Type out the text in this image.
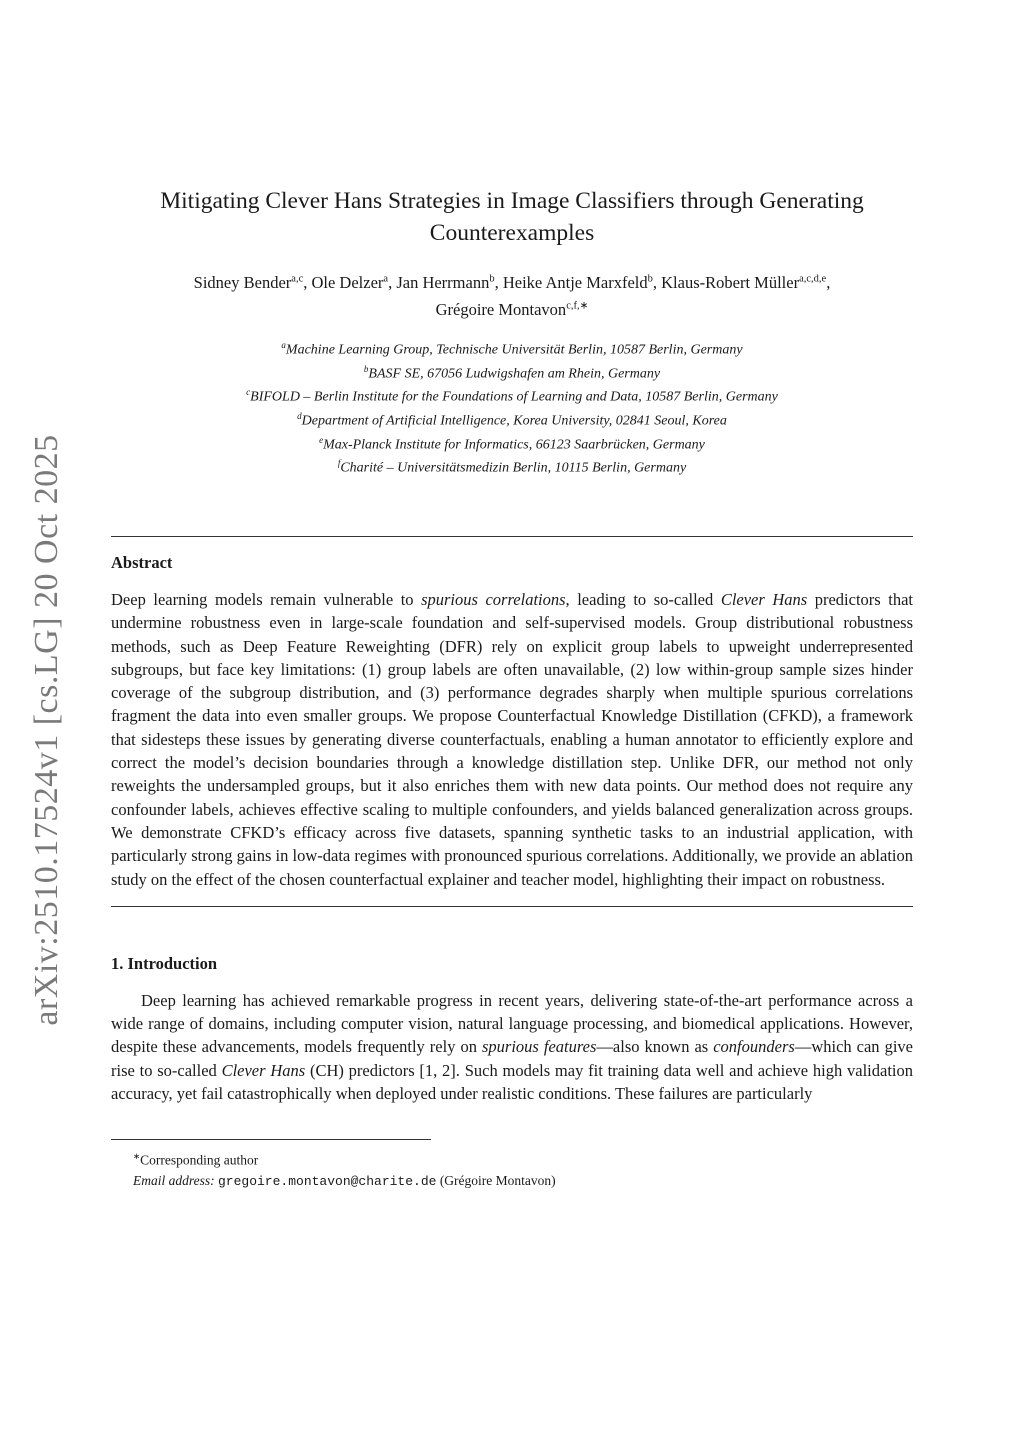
arXiv:2510.17524v1 [cs.LG] 20 Oct 2025
Mitigating Clever Hans Strategies in Image Classifiers through Generating
Counterexamples
Sidney Bender$^{a,c}$, Ole Delzer$^a$, Jan Herrmann$^b$, Heike Antje Marxfeld$^b$, Klaus-Robert Müller$^{a,c,d,e}$,
Grégoire Montavon$^{c,f,∗}$
$^a$Machine Learning Group, Technische Universität Berlin, 10587 Berlin, Germany
$^b$BASF SE, 67056 Ludwigshafen am Rhein, Germany
$^c$BIFOLD – Berlin Institute for the Foundations of Learning and Data, 10587 Berlin, Germany
$^d$Department of Artificial Intelligence, Korea University, 02841 Seoul, Korea
$^e$Max-Planck Institute for Informatics, 66123 Saarbrücken, Germany
$^f$Charité – Universitätsmedizin Berlin, 10115 Berlin, Germany
Abstract
Deep learning models remain vulnerable to spurious correlations, leading to so-called Clever Hans predictors that undermine robustness even in large-scale foundation and self-supervised models. Group distributional robustness methods, such as Deep Feature Reweighting (DFR) rely on explicit group labels to upweight underrepresented subgroups, but face key limitations: (1) group labels are often unavailable, (2) low within-group sample sizes hinder coverage of the subgroup distribution, and (3) performance degrades sharply when multiple spurious correlations fragment the data into even smaller groups. We propose Counterfactual Knowledge Distillation (CFKD), a framework that sidesteps these issues by generating diverse counterfactuals, enabling a human annotator to efficiently explore and correct the model’s decision boundaries through a knowledge distillation step. Unlike DFR, our method not only reweights the undersampled groups, but it also enriches them with new data points. Our method does not require any confounder labels, achieves effective scaling to multiple confounders, and yields balanced generalization across groups. We demonstrate CFKD’s efficacy across five datasets, spanning synthetic tasks to an industrial application, with particularly strong gains in low-data regimes with pronounced spurious correlations. Additionally, we provide an ablation study on the effect of the chosen counterfactual explainer and teacher model, highlighting their impact on robustness.
1. Introduction
Deep learning has achieved remarkable progress in recent years, delivering state-of-the-art performance across a wide range of domains, including computer vision, natural language processing, and biomedical applications. However, despite these advancements, models frequently rely on spurious features—also known as confounders—which can give rise to so-called Clever Hans (CH) predictors [1, 2]. Such models may fit training data well and achieve high validation accuracy, yet fail catastrophically when deployed under realistic conditions. These failures are particularly
∗Corresponding author
Email address: gregoire.montavon@charite.de (Grégoire Montavon)
